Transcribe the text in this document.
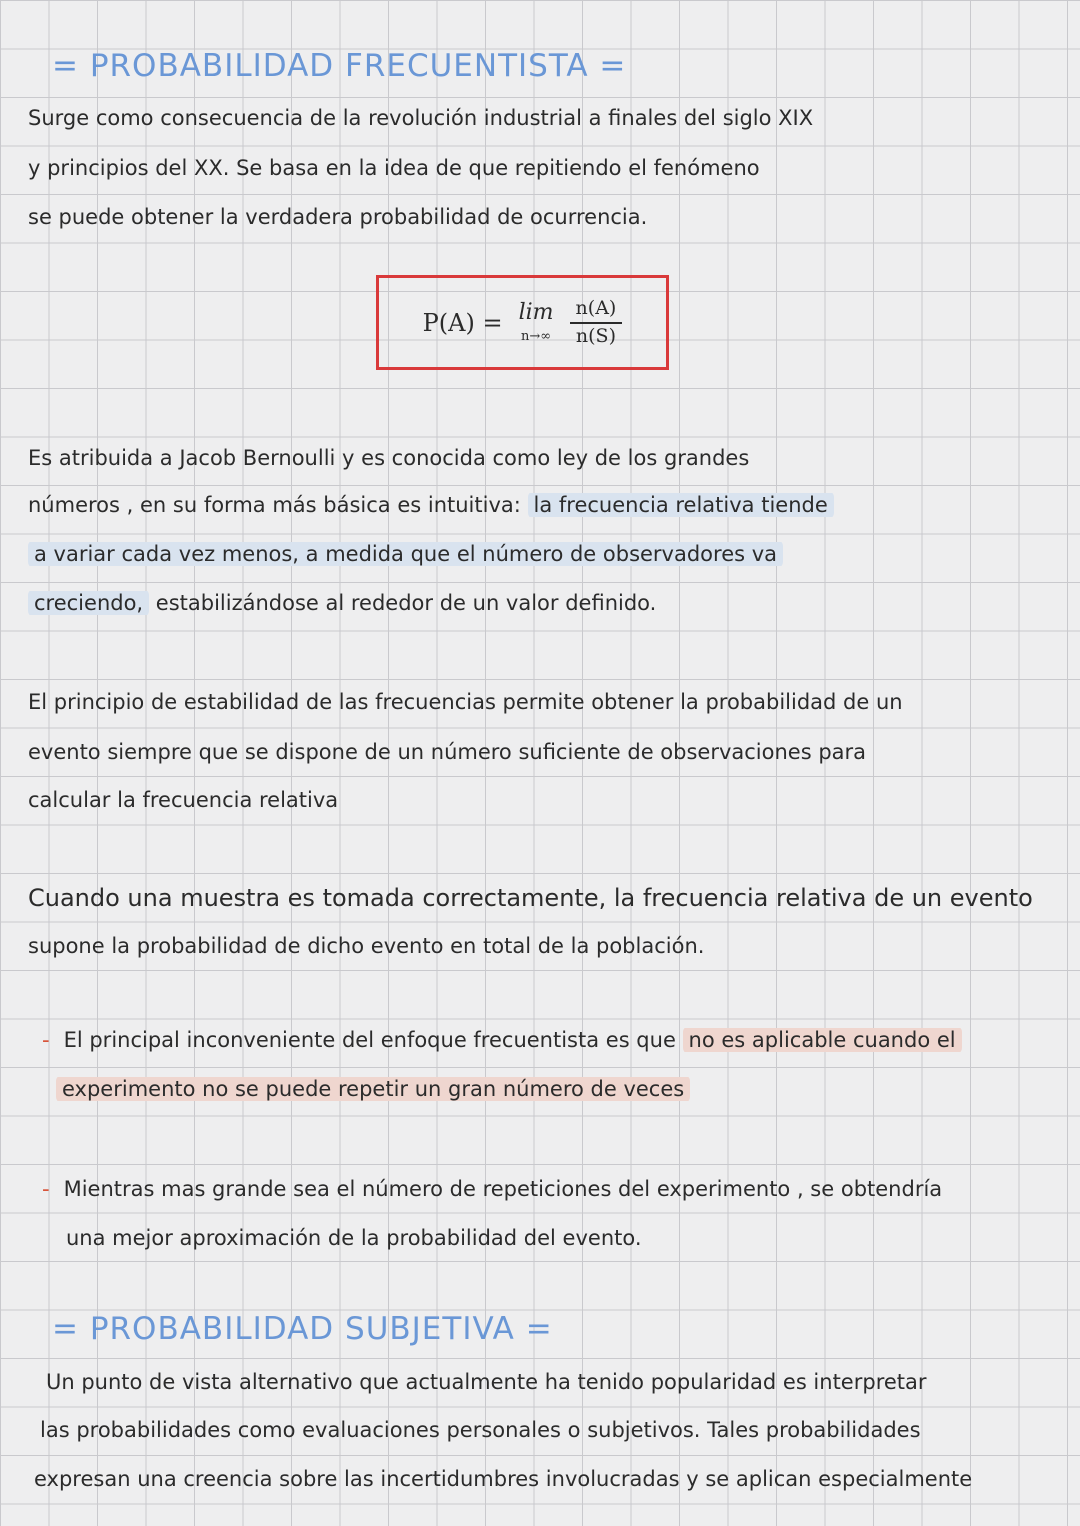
= PROBABILIDAD FRECUENTISTA =
Surge como consecuencia de la revolución industrial a finales del siglo XIX
y principios del XX. Se basa en la idea de que repitiendo el fenómeno
se puede obtener la verdadera probabilidad de ocurrencia.
P(A) = lim
$n\to\infty \frac{n(A)}{n(S)}$
Es atribuida a Jacob Bernoulli y es conocida como ley de los grandes
números , en su forma más básica es intuitiva: la frecuencia relativa tiende
a variar cada vez menos, a medida que el número de observadores va
creciendo, estabilizándose al rededor de un valor definido.
El principio de estabilidad de las frecuencias permite obtener la probabilidad de un
evento siempre que se dispone de un número suficiente de observaciones para
calcular la frecuencia relativa
Cuando una muestra es tomada correctamente, la frecuencia relativa de un evento
supone la probabilidad de dicho evento en total de la población.
- El principal inconveniente del enfoque frecuentista es que no es aplicable cuando el
experimento no se puede repetir un gran número de veces
- Mientras mas grande sea el número de repeticiones del experimento , se obtendría
una mejor aproximación de la probabilidad del evento.
= PROBABILIDAD SUBJETIVA =
Un punto de vista alternativo que actualmente ha tenido popularidad es interpretar
las probabilidades como evaluaciones personales o subjetivos. Tales probabilidades
expresan una creencia sobre las incertidumbres involucradas y se aplican especialmente
